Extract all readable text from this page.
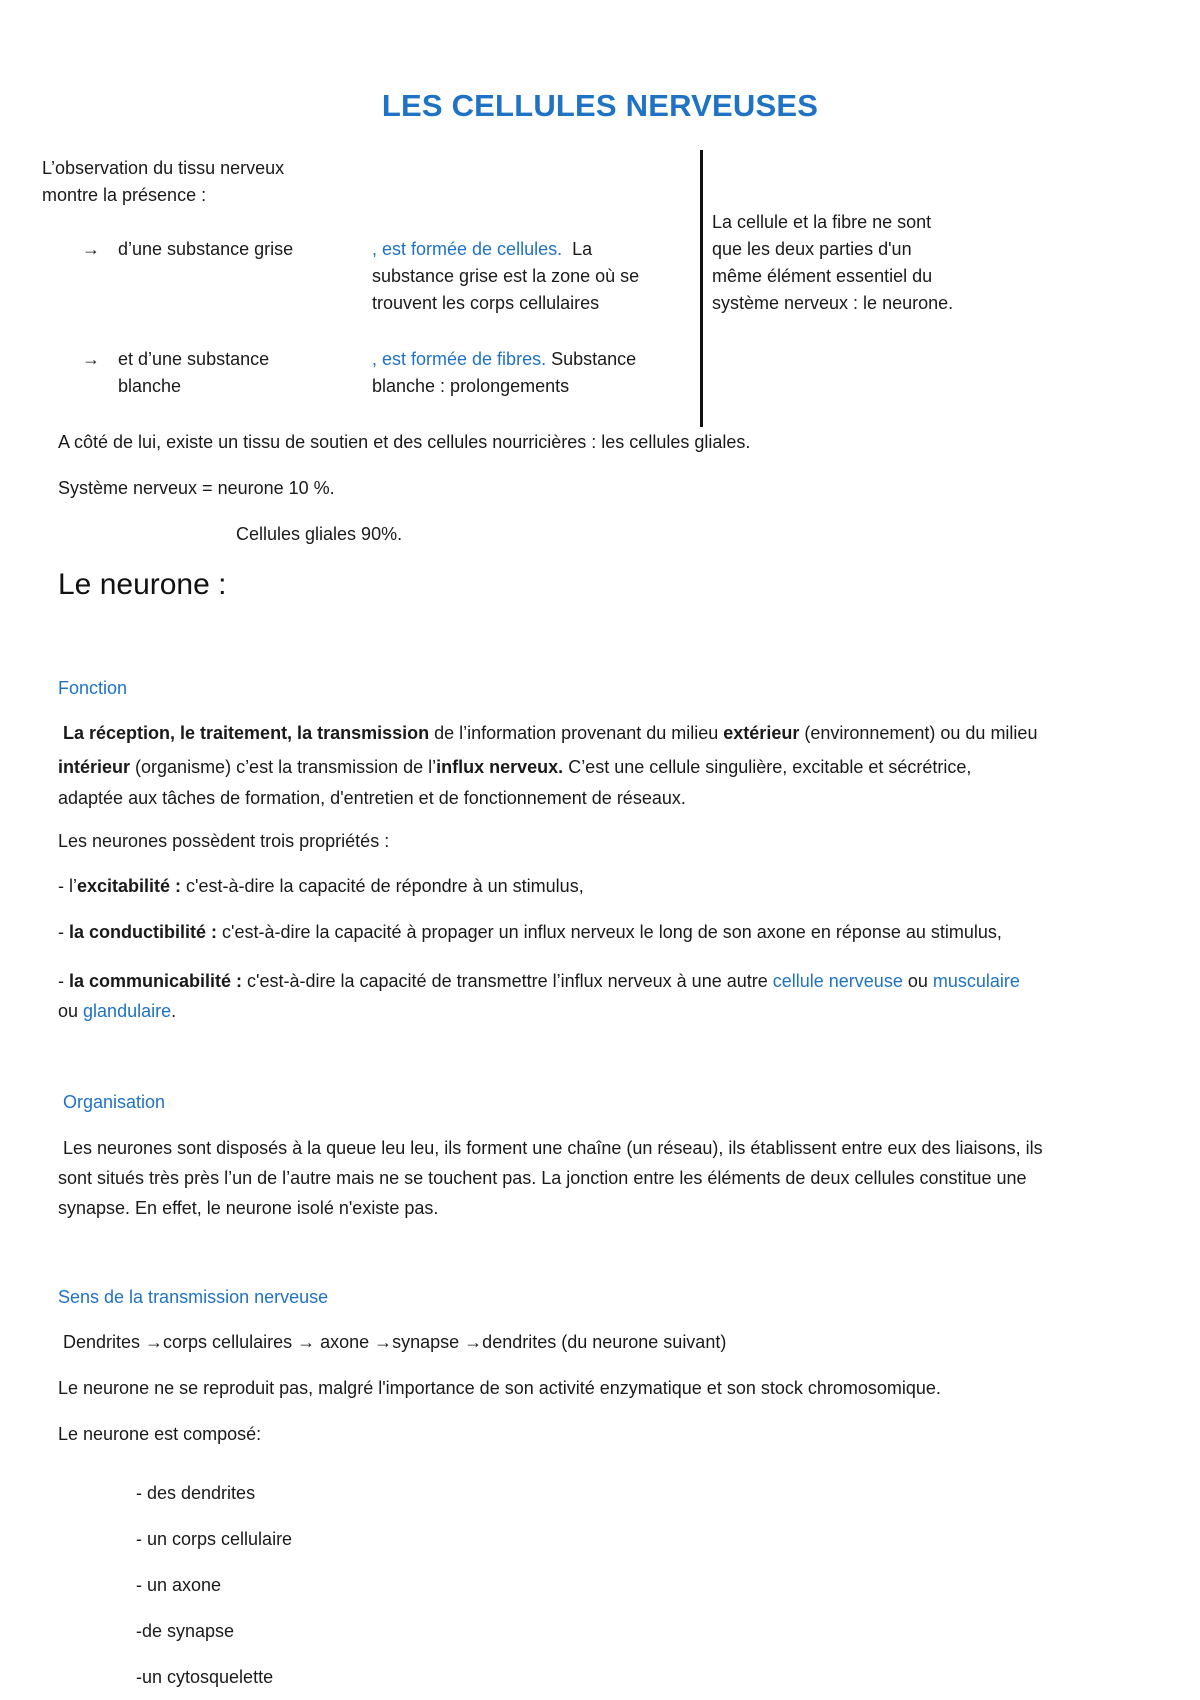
LES CELLULES NERVEUSES
L’observation du tissu nerveux
montre la présence :
→ d’une substance grise	, est formée de cellules. La
substance grise est la zone où se
trouvent les corps cellulaires
→ et d’une substance
blanche
, est formée de fibres. Substance
blanche : prolongements
La cellule et la fibre ne sont
que les deux parties d'un
même élément essentiel du
système nerveux : le neurone.
A côté de lui, existe un tissu de soutien et des cellules nourricières : les cellules gliales.
Système nerveux = neurone 10 %.
Cellules gliales 90%.
Le neurone :
Fonction
La réception, le traitement, la transmission de l’information provenant du milieu extérieur (environnement) ou du milieu
intérieur (organisme) c’est la transmission de l’influx nerveux. C’est une cellule singulière, excitable et sécrétrice,
adaptée aux tâches de formation, d'entretien et de fonctionnement de réseaux.
Les neurones possèdent trois propriétés :
- l’excitabilité : c'est-à-dire la capacité de répondre à un stimulus,
- la conductibilité : c'est-à-dire la capacité à propager un influx nerveux le long de son axone en réponse au stimulus,
- la communicabilité : c'est-à-dire la capacité de transmettre l’influx nerveux à une autre cellule nerveuse ou musculaire
ou glandulaire.
Organisation
Les neurones sont disposés à la queue leu leu, ils forment une chaîne (un réseau), ils établissent entre eux des liaisons, ils
sont situés très près l’un de l’autre mais ne se touchent pas. La jonction entre les éléments de deux cellules constitue une
synapse. En effet, le neurone isolé n'existe pas.
Sens de la transmission nerveuse
Dendrites →corps cellulaires → axone →synapse →dendrites (du neurone suivant)
Le neurone ne se reproduit pas, malgré l'importance de son activité enzymatique et son stock chromosomique.
Le neurone est composé:
- des dendrites
- un corps cellulaire
- un axone
-de synapse
-un cytosquelette
